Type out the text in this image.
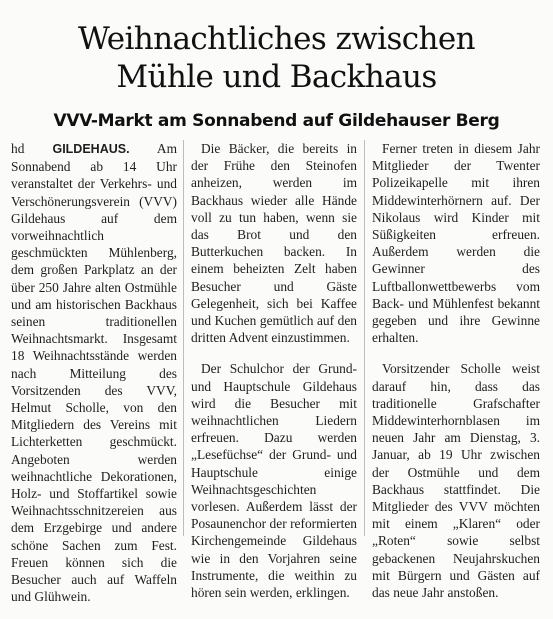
Weihnachtliches zwischen
Mühle und Backhaus
VVV-Markt am Sonnabend auf Gildehauser Berg

hd GILDEHAUS. Am Sonnabend ab 14 Uhr veranstaltet der Verkehrs- und Verschönerungsverein (VVV) Gildehaus auf dem vorweihnachtlich geschmückten Mühlenberg, dem großen Parkplatz an der über 250 Jahre alten Ostmühle und am historischen Backhaus seinen traditionellen Weihnachtsmarkt. Insgesamt 18 Weihnachtsstände werden nach Mitteilung des Vorsitzenden des VVV, Helmut Scholle, von den Mitgliedern des Vereins mit Lichterketten geschmückt. Angeboten werden weihnachtliche Dekorationen, Holz- und Stoffartikel sowie Weihnachtsschnitzereien aus dem Erzgebirge und andere schöne Sachen zum Fest. Freuen können sich die Besucher auch auf Waffeln und Glühwein.

Die Bäcker, die bereits in der Frühe den Steinofen anheizen, werden im Backhaus wieder alle Hände voll zu tun haben, wenn sie das Brot und den Butterkuchen backen. In einem beheizten Zelt haben Besucher und Gäste Gelegenheit, sich bei Kaffee und Kuchen gemütlich auf den dritten Advent einzustimmen.

Der Schulchor der Grund- und Hauptschule Gildehaus wird die Besucher mit weihnachtlichen Liedern erfreuen. Dazu werden „Lesefüchse“ der Grund- und Hauptschule einige Weihnachtsgeschichten vorlesen. Außerdem lässt der Posaunenchor der reformierten Kirchengemeinde Gildehaus wie in den Vorjahren seine Instrumente, die weithin zu hören sein werden, erklingen.

Ferner treten in diesem Jahr Mitglieder der Twenter Polizeikapelle mit ihren Middewinterhörnern auf. Der Nikolaus wird Kinder mit Süßigkeiten erfreuen. Außerdem werden die Gewinner des Luftballonwettbewerbs vom Back- und Mühlenfest bekannt gegeben und ihre Gewinne erhalten.

Vorsitzender Scholle weist darauf hin, dass das traditionelle Grafschafter Middewinterhornblasen im neuen Jahr am Dienstag, 3. Januar, ab 19 Uhr zwischen der Ostmühle und dem Backhaus stattfindet. Die Mitglieder des VVV möchten mit einem „Klaren“ oder „Roten“ sowie selbst gebackenen Neujahrskuchen mit Bürgern und Gästen auf das neue Jahr anstoßen.
